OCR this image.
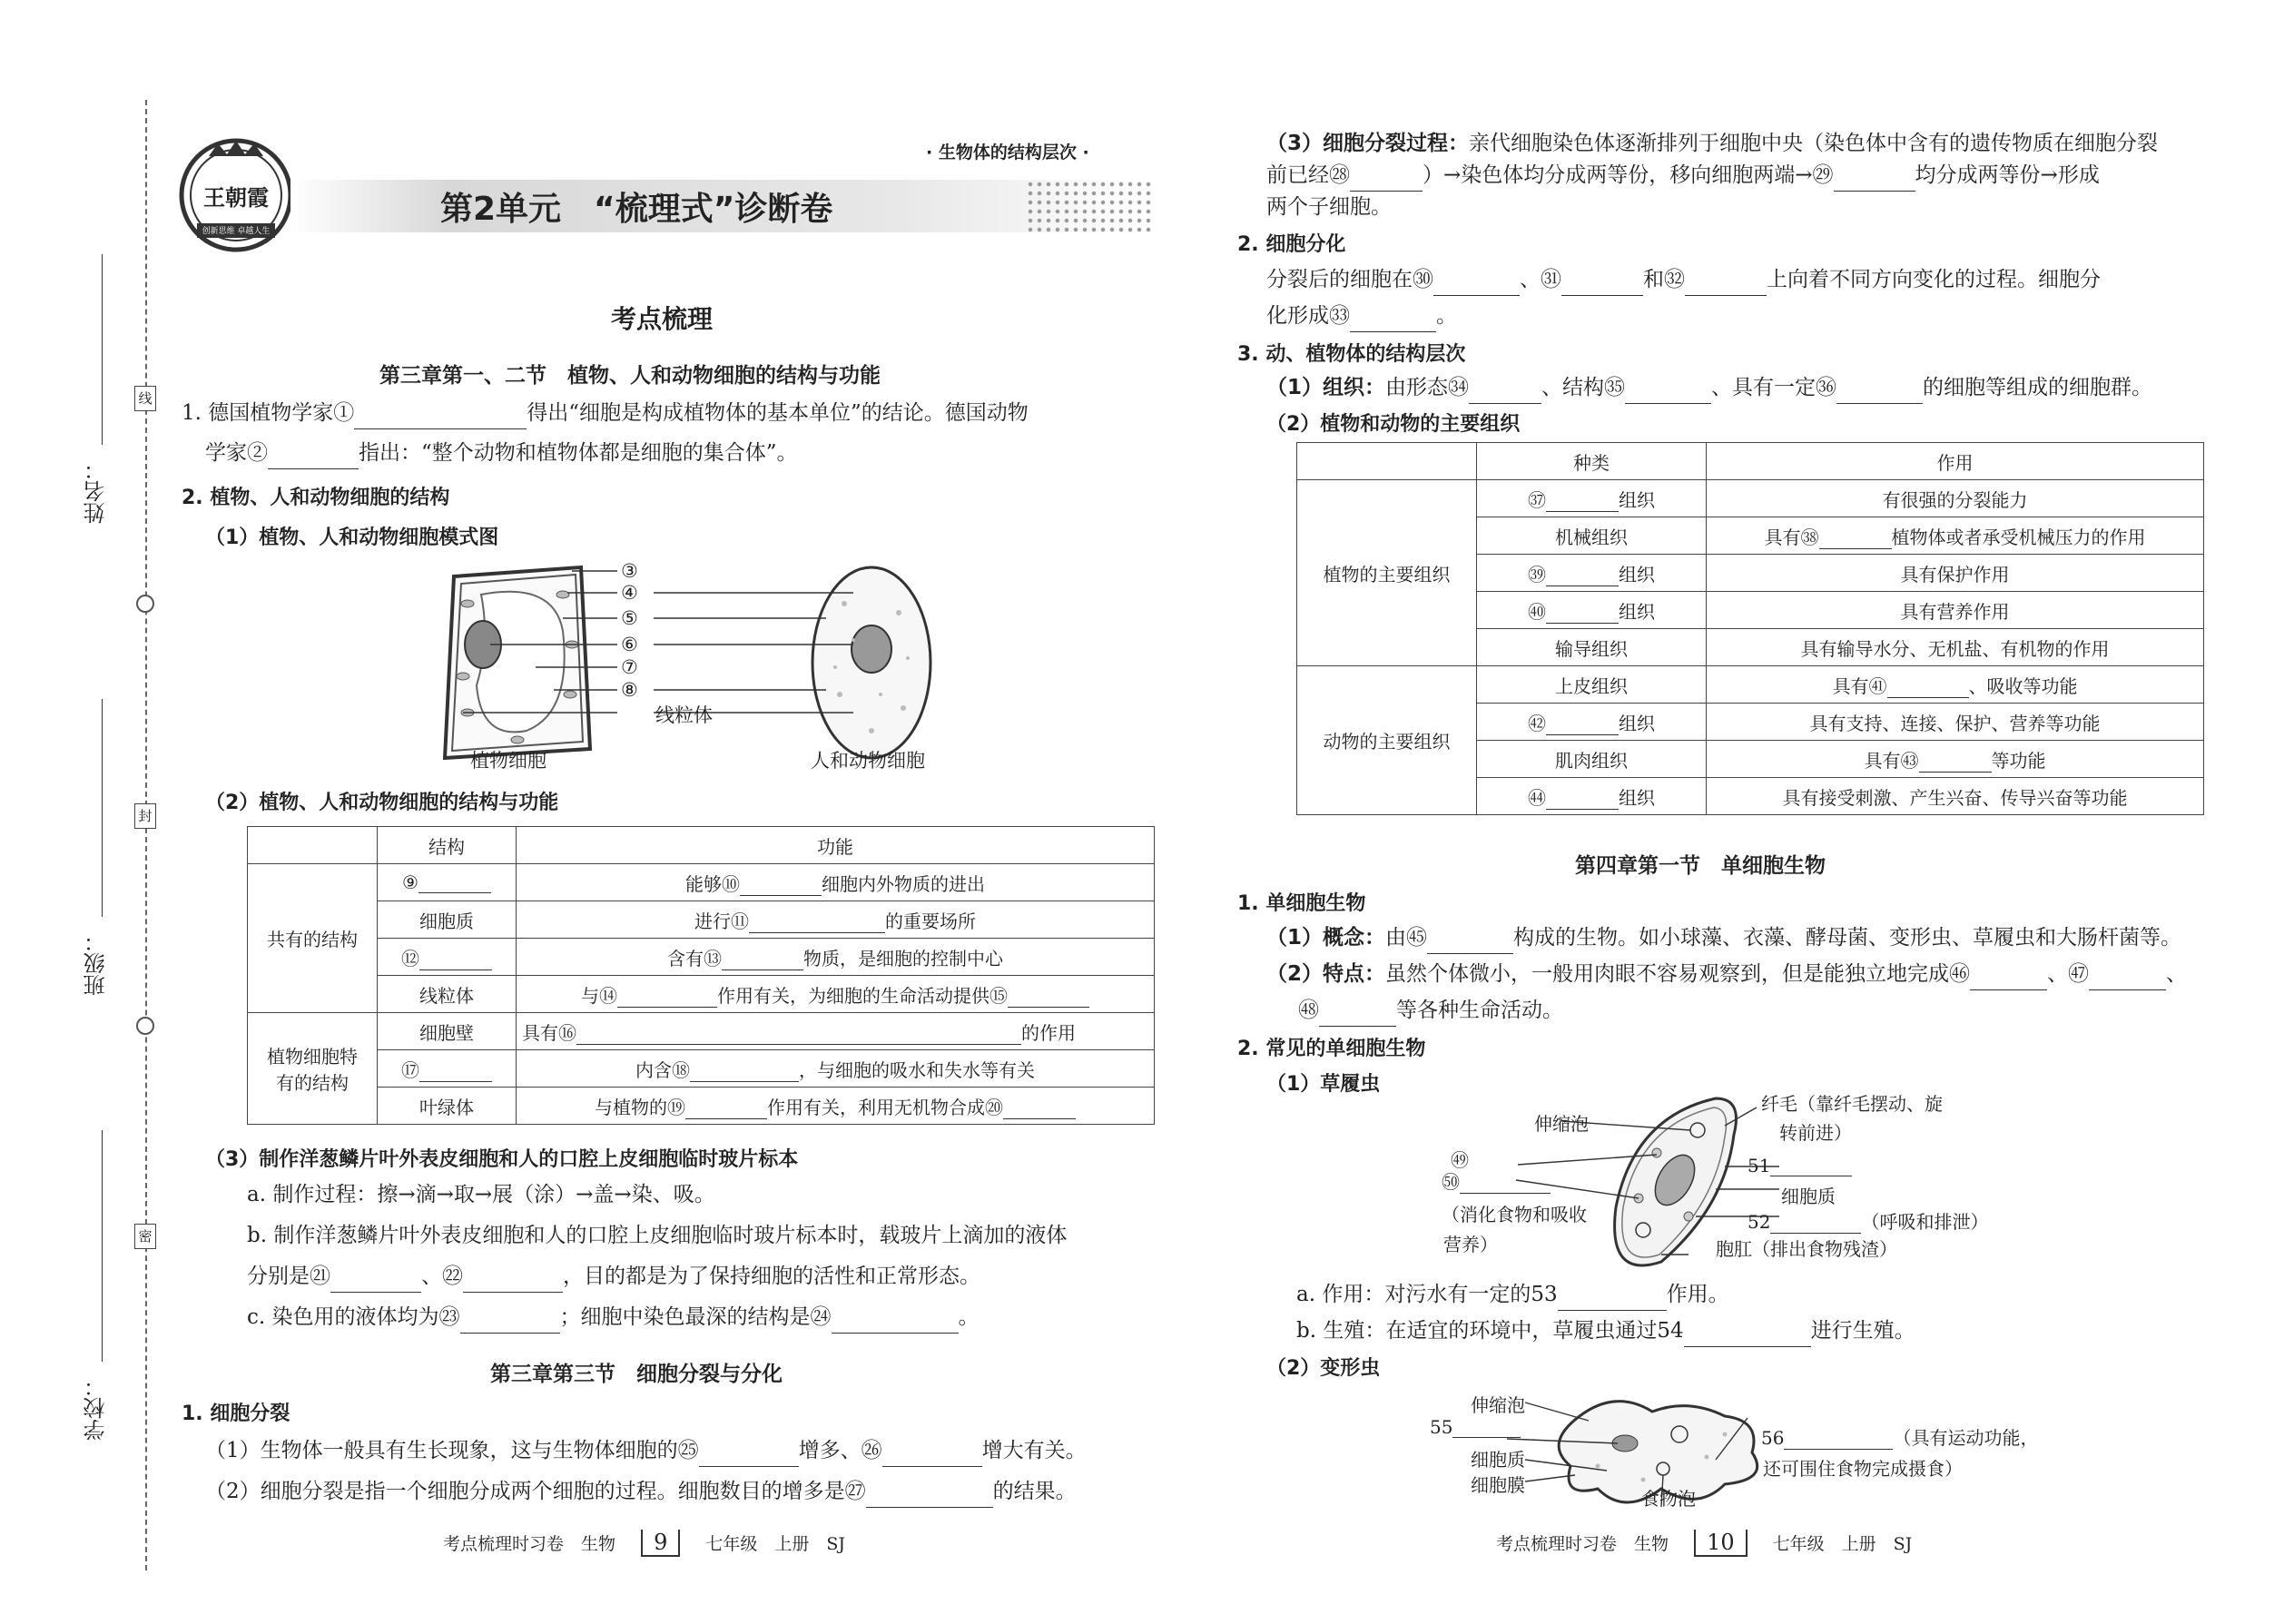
线
封
密
姓名：
班级：
学校：
王朝霞
创新思维 卓越人生
· 生物体的结构层次 ·
第2单元　“梳理式”诊断卷
考点梳理
第三章第一、二节　植物、人和动物细胞的结构与功能
1. 德国植物学家①	得出“细胞是构成植物体的基本单位”的结论。德国动物
学家②	指出：“整个动物和植物体都是细胞的集合体”。
2. 植物、人和动物细胞的结构
（1）植物、人和动物细胞模式图
③
④
⑤
⑥
⑦
⑧
线粒体
植物细胞	人和动物细胞
（2）植物、人和动物细胞的结构与功能
	结构	功能
共有的结构	⑨	能够⑩ 细胞内外物质的进出
	细胞质	进行⑪ 的重要场所
	⑫	含有⑬ 物质，是细胞的控制中心
	线粒体	与⑭ 作用有关，为细胞的生命活动提供⑮
植物细胞特
有的结构	细胞壁	具有⑯ 的作用
	⑰	内含⑱ ，与细胞的吸水和失水等有关
	叶绿体	与植物的⑲ 作用有关，利用无机物合成⑳
（3）制作洋葱鳞片叶外表皮细胞和人的口腔上皮细胞临时玻片标本
a. 制作过程：擦→滴→取→展（涂）→盖→染、吸。
b. 制作洋葱鳞片叶外表皮细胞和人的口腔上皮细胞临时玻片标本时，载玻片上滴加的液体
分别是㉑	、㉒	，目的都是为了保持细胞的活性和正常形态。
c. 染色用的液体均为㉓	；细胞中染色最深的结构是㉔	。
第三章第三节　细胞分裂与分化
1. 细胞分裂
（1）生物体一般具有生长现象，这与生物体细胞的㉕	增多、㉖	增大有关。
（2）细胞分裂是指一个细胞分成两个细胞的过程。细胞数目的增多是㉗	的结果。
考点梳理时习卷　生物 9 七年级　上册　SJ
（3）细胞分裂过程：亲代细胞染色体逐渐排列于细胞中央（染色体中含有的遗传物质在细胞分裂
前已经㉘	）→染色体均分成两等份，移向细胞两端→㉙	均分成两等份→形成
两个子细胞。
2. 细胞分化
分裂后的细胞在㉚	、㉛	和㉜	上向着不同方向变化的过程。细胞分
化形成㉝	。
3. 动、植物体的结构层次
（1）组织：由形态㉞	、结构㉟	、具有一定㊱	的细胞等组成的细胞群。
（2）植物和动物的主要组织
	种类	作用
植物的主要组织	㊲ 组织	有很强的分裂能力
	机械组织	具有㊳ 植物体或者承受机械压力的作用
	㊴ 组织	具有保护作用
	㊵ 组织	具有营养作用
	输导组织	具有输导水分、无机盐、有机物的作用
动物的主要组织	上皮组织	具有㊶ 、吸收等功能
	㊷ 组织	具有支持、连接、保护、营养等功能
	肌肉组织	具有㊸ 等功能
	㊹ 组织	具有接受刺激、产生兴奋、传导兴奋等功能
第四章第一节　单细胞生物
1. 单细胞生物
（1）概念：由㊺	构成的生物。如小球藻、衣藻、酵母菌、变形虫、草履虫和大肠杆菌等。
（2）特点：虽然个体微小，一般用肉眼不容易观察到，但是能独立地完成㊻	、㊼	、
㊽	等各种生命活动。
2. 常见的单细胞生物
（1）草履虫
伸缩泡
纤毛（靠纤毛摆动、旋
转前进）
㊾
㊿
（消化食物和吸收
营养）
51
细胞质
52	（呼吸和排泄）
胞肛（排出食物残渣）
a. 作用：对污水有一定的53	作用。
b. 生殖：在适宜的环境中，草履虫通过54	进行生殖。
（2）变形虫
伸缩泡
55
细胞质
细胞膜
56	（具有运动功能，
还可围住食物完成摄食）
食物泡
考点梳理时习卷　生物 10 七年级　上册　SJ
